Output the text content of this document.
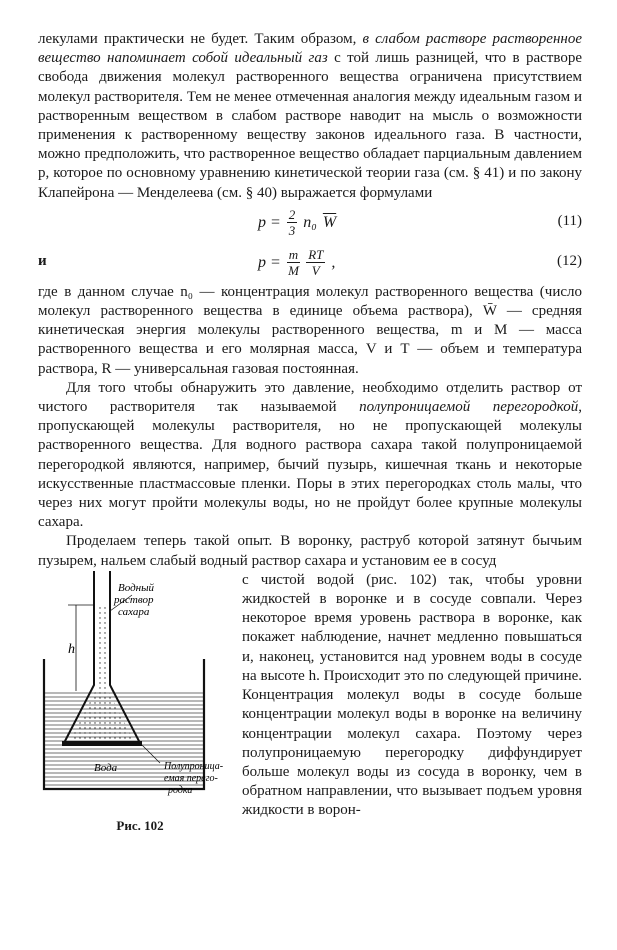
лекулами практически не будет. Таким образом, в слабом растворе растворенное вещество напоминает собой идеальный газ с той лишь разницей, что в растворе свобода движения молекул растворенного вещества ограничена присутствием молекул растворителя. Тем не менее отмеченная аналогия между идеальным газом и растворенным веществом в слабом растворе наводит на мысль о возможности применения к растворенному веществу законов идеального газа. В частности, можно предположить, что растворенное вещество обладает парциальным давлением p, которое по основному уравнению кинетической теории газа (см. § 41) и по закону Клапейрона — Менделеева (см. § 40) выражается формулами

$p = \frac{2}{3} n_0$ $\overline{W}$	(11)
и	$p = \frac{m}{M} \frac{RT}{V}$ ,	(12)

где в данном случае n₀ — концентрация молекул растворенного вещества (число молекул растворенного вещества в единице объема раствора), W̄ — средняя кинетическая энергия молекулы растворенного вещества, m и M — масса растворенного вещества и его молярная масса, V и T — объем и температура раствора, R — универсальная газовая постоянная.

Для того чтобы обнаружить это давление, необходимо отделить раствор от чистого растворителя так называемой полупроницаемой перегородкой, пропускающей молекулы растворителя, но не пропускающей молекулы растворенного вещества. Для водного раствора сахара такой полупроницаемой перегородкой являются, например, бычий пузырь, кишечная ткань и некоторые искусственные пластмассовые пленки. Поры в этих перегородках столь малы, что через них могут пройти молекулы воды, но не пройдут более крупные молекулы сахара.

Проделаем теперь такой опыт. В воронку, раструб которой затянут бычьим пузырем, нальем слабый водный раствор сахара и установим ее в сосуд

h
Водный
раствор
сахара
Вода	Полупроница-
емая перего-
родка
Рис. 102

с чистой водой (рис. 102) так, чтобы уровни жидкостей в воронке и в сосуде совпали. Через некоторое время уровень раствора в воронке, как покажет наблюдение, начнет медленно повышаться и, наконец, установится над уровнем воды в сосуде на высоте h. Происходит это по следующей причине. Концентрация молекул воды в сосуде больше концентрации молекул воды в воронке на величину концентрации молекул сахара. Поэтому через полупроницаемую перегородку диффундирует больше молекул воды из сосуда в воронку, чем в обратном направлении, что вызывает подъем уровня жидкости в ворон-
